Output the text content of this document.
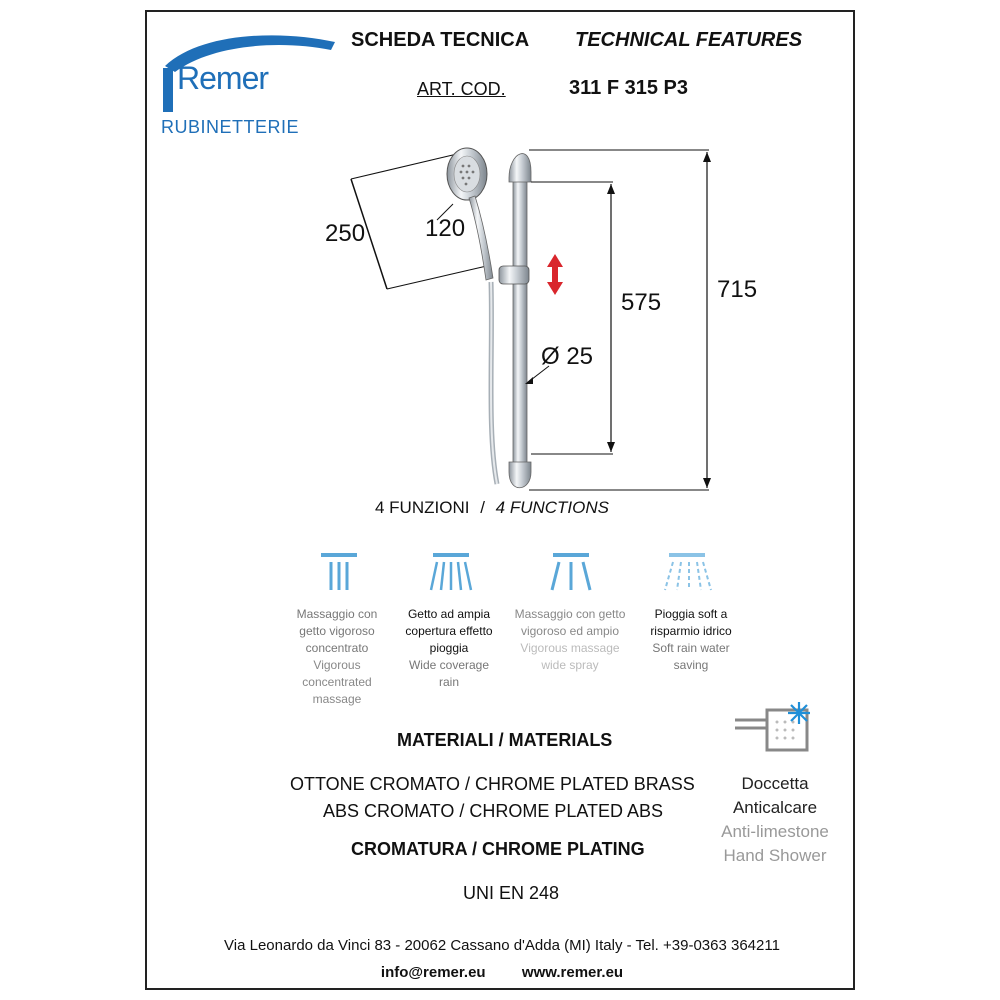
Remer
RUBINETTERIE
SCHEDA TECNICA TECHNICAL FEATURES
ART. COD.	311 F 315 P3
250 120
575 715
Ø 25
4 FUNZIONI / 4 FUNCTIONS
Massaggio con getto vigoroso concentrato
Vigorous concentrated massage
Getto ad ampia copertura effetto pioggia
Wide coverage rain
Massaggio con getto vigoroso ed ampio
Vigorous massage wide spray
Pioggia soft a risparmio idrico
Soft rain water saving
MATERIALI / MATERIALS
OTTONE CROMATO / CHROME PLATED BRASS
ABS CROMATO / CHROME PLATED ABS
CROMATURA / CHROME PLATING
UNI EN 248
Doccetta
Anticalcare
Anti-limestone
Hand Shower
Via Leonardo da Vinci 83 - 20062 Cassano d'Adda (MI) Italy - Tel. +39-0363 364211
info@remer.eu www.remer.eu
